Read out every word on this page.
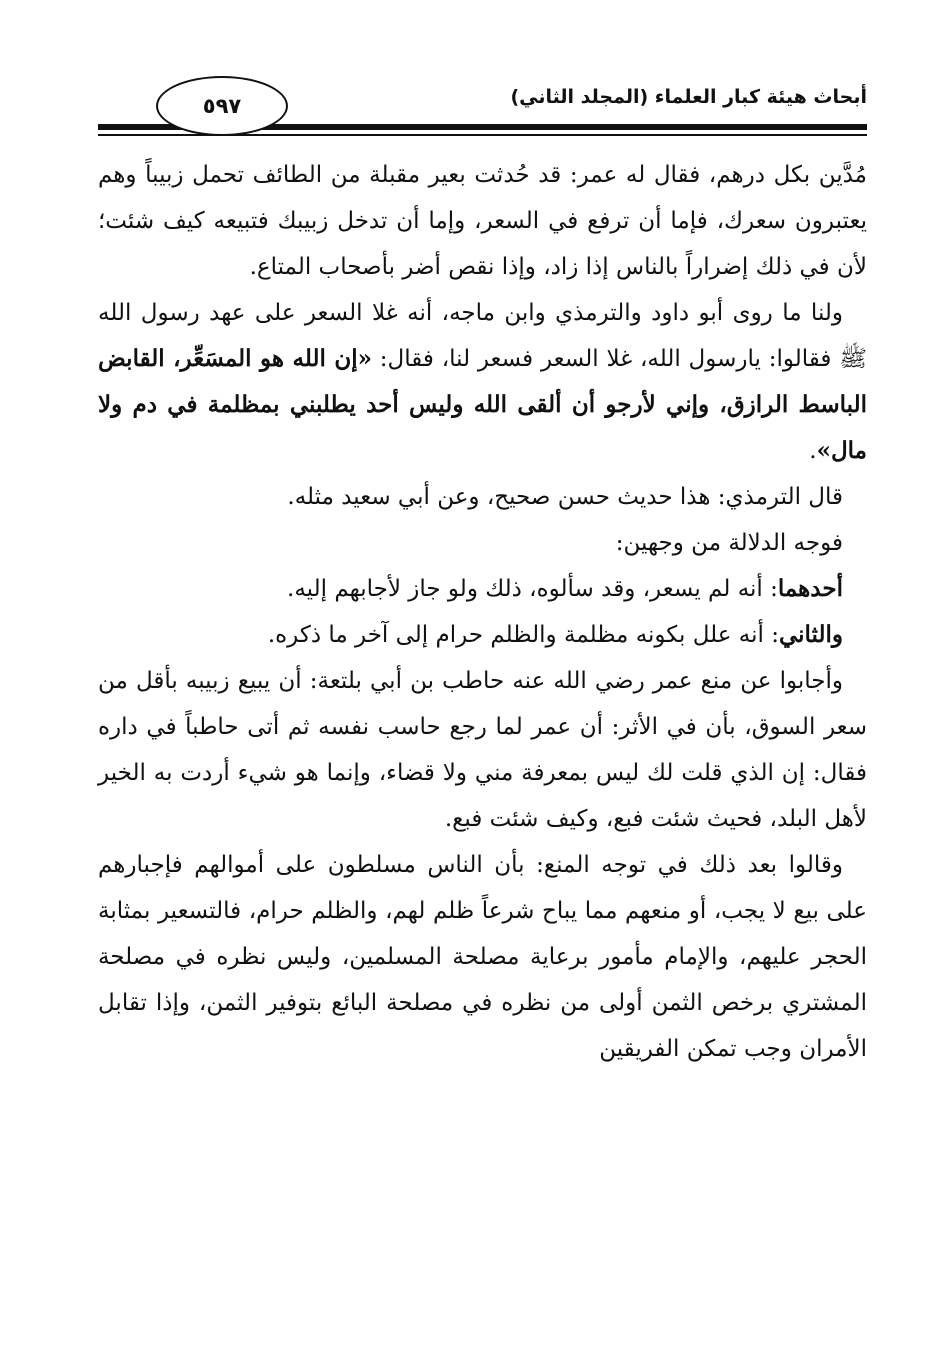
أبحاث هيئة كبار العلماء (المجلد الثاني)
٥٩٧

مُدَّين بكل درهم، فقال له عمر: قد حُدثت بعير مقبلة من الطائف تحمل زبيباً وهم يعتبرون سعرك، فإما أن ترفع في السعر، وإما أن تدخل زبيبك فتبيعه كيف شئت؛ لأن في ذلك إضراراً بالناس إذا زاد، وإذا نقص أضر بأصحاب المتاع.

ولنا ما روى أبو داود والترمذي وابن ماجه، أنه غلا السعر على عهد رسول الله ﷺ فقالوا: يارسول الله، غلا السعر فسعر لنا، فقال: «إن الله هو المسَعِّر، القابض الباسط الرازق، وإني لأرجو أن ألقى الله وليس أحد يطلبني بمظلمة في دم ولا مال».

قال الترمذي: هذا حديث حسن صحيح، وعن أبي سعيد مثله.

فوجه الدلالة من وجهين:

أحدهما: أنه لم يسعر، وقد سألوه، ذلك ولو جاز لأجابهم إليه.

والثاني: أنه علل بكونه مظلمة والظلم حرام إلى آخر ما ذكره.

وأجابوا عن منع عمر رضي الله عنه حاطب بن أبي بلتعة: أن يبيع زبيبه بأقل من سعر السوق، بأن في الأثر: أن عمر لما رجع حاسب نفسه ثم أتى حاطباً في داره فقال: إن الذي قلت لك ليس بمعرفة مني ولا قضاء، وإنما هو شيء أردت به الخير لأهل البلد، فحيث شئت فبع، وكيف شئت فبع.

وقالوا بعد ذلك في توجه المنع: بأن الناس مسلطون على أموالهم فإجبارهم على بيع لا يجب، أو منعهم مما يباح شرعاً ظلم لهم، والظلم حرام، فالتسعير بمثابة الحجر عليهم، والإمام مأمور برعاية مصلحة المسلمين، وليس نظره في مصلحة المشتري برخص الثمن أولى من نظره في مصلحة البائع بتوفير الثمن، وإذا تقابل الأمران وجب تمكن الفريقين
